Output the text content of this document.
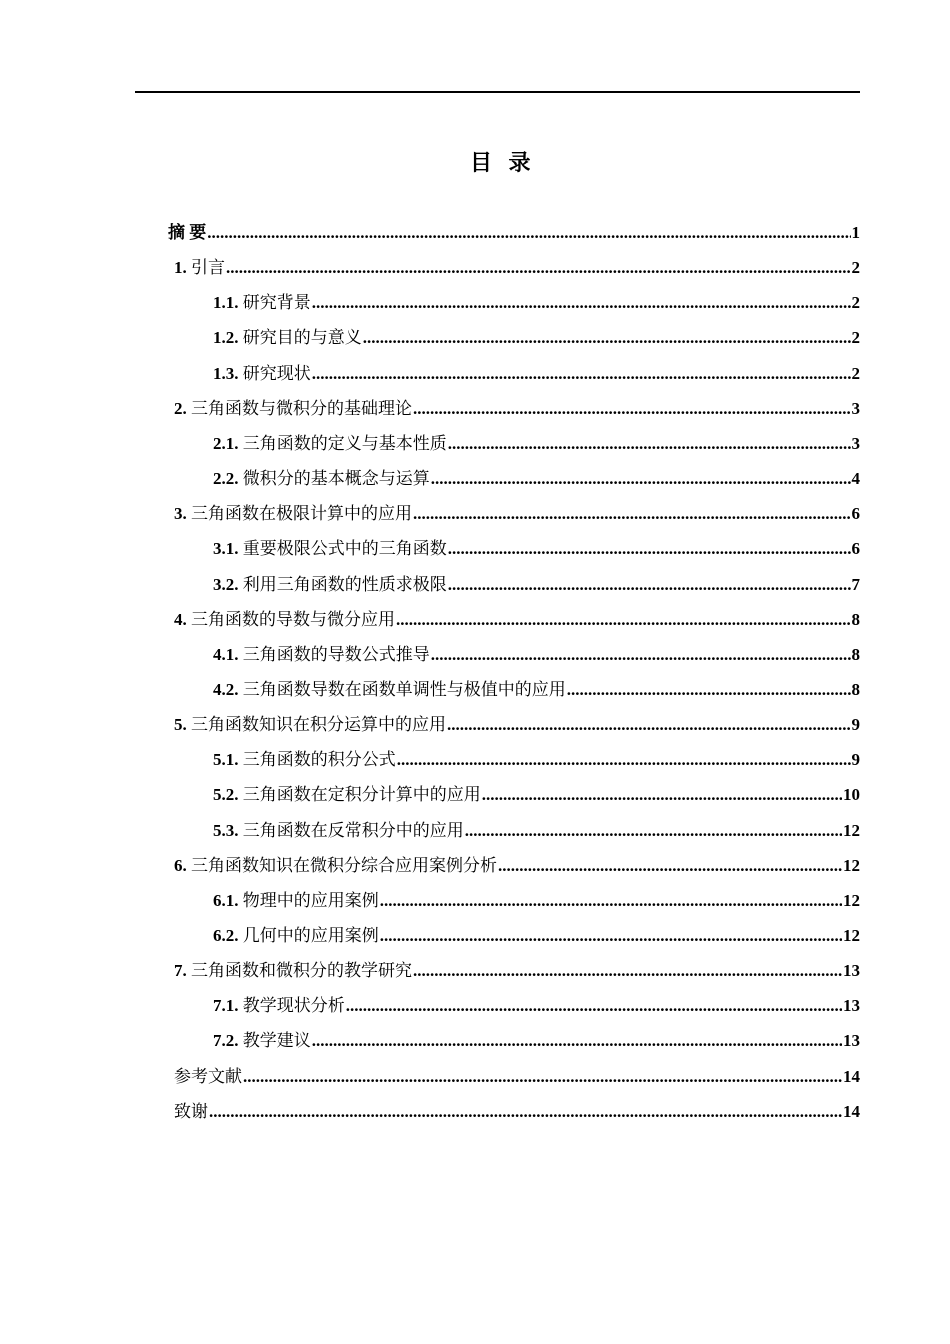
目   录
摘 要 .....	1
1. 引言 .....	2
1.1. 研究背景 .....	2
1.2. 研究目的与意义 .....	2
1.3. 研究现状 .....	2
2. 三角函数与微积分的基础理论 .....	3
2.1. 三角函数的定义与基本性质 .....	3
2.2. 微积分的基本概念与运算 .....	4
3. 三角函数在极限计算中的应用 .....	6
3.1. 重要极限公式中的三角函数 .....	6
3.2. 利用三角函数的性质求极限 .....	7
4. 三角函数的导数与微分应用 .....	8
4.1. 三角函数的导数公式推导 .....	8
4.2. 三角函数导数在函数单调性与极值中的应用 .....	8
5. 三角函数知识在积分运算中的应用 .....	9
5.1. 三角函数的积分公式 .....	9
5.2. 三角函数在定积分计算中的应用 .....	10
5.3. 三角函数在反常积分中的应用 .....	12
6. 三角函数知识在微积分综合应用案例分析 .....	12
6.1. 物理中的应用案例 .....	12
6.2. 几何中的应用案例 .....	12
7. 三角函数和微积分的教学研究 .....	13
7.1. 教学现状分析 .....	13
7.2. 教学建议 .....	13
参考文献 .....	14
致谢 .....	14
